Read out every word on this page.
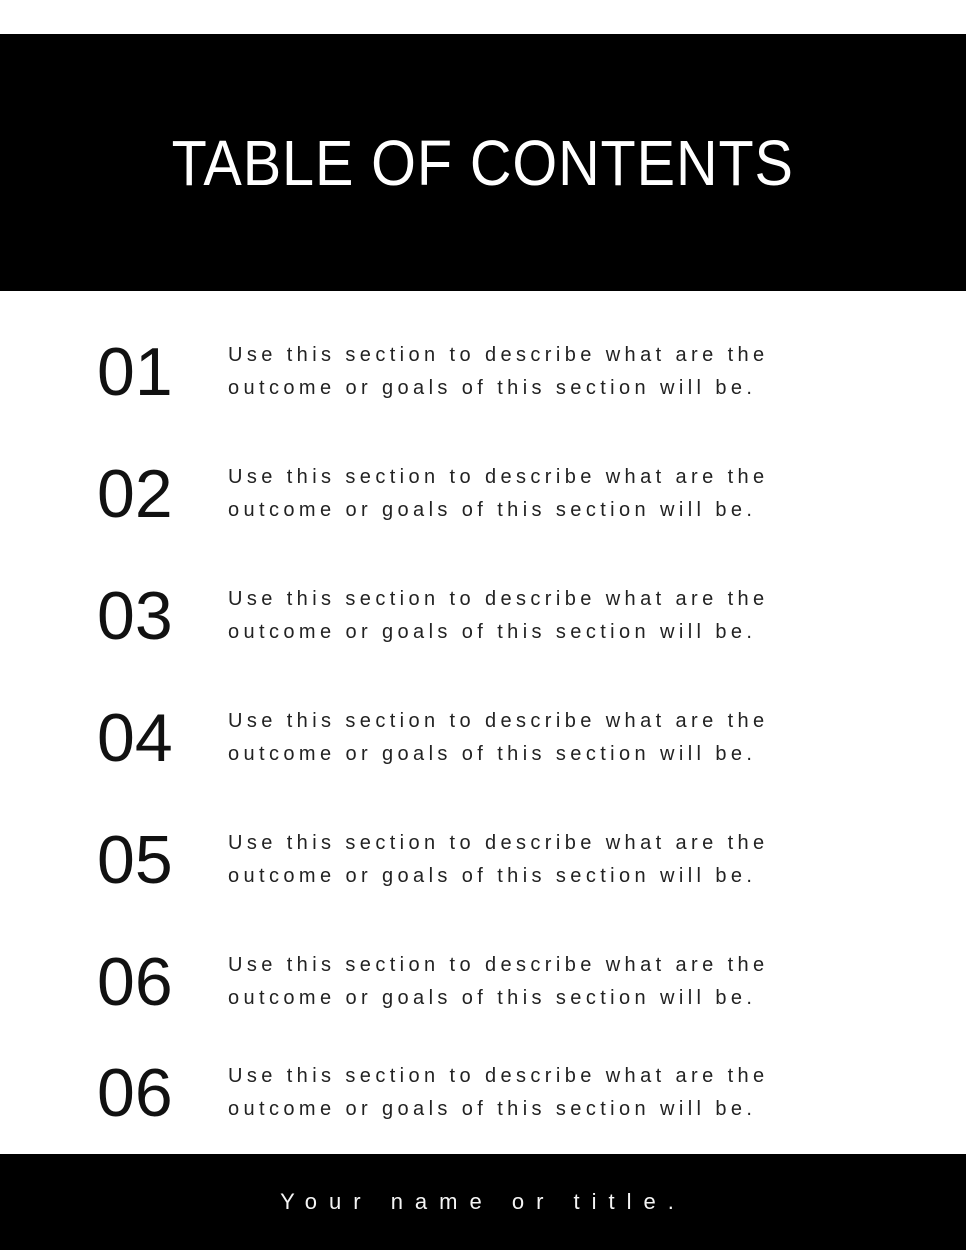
TABLE OF CONTENTS
01	Use this section to describe what are the
outcome or goals of this section will be.
02	Use this section to describe what are the
outcome or goals of this section will be.
03	Use this section to describe what are the
outcome or goals of this section will be.
04	Use this section to describe what are the
outcome or goals of this section will be.
05	Use this section to describe what are the
outcome or goals of this section will be.
06	Use this section to describe what are the
outcome or goals of this section will be.
06	Use this section to describe what are the
outcome or goals of this section will be.
Your name or title.
